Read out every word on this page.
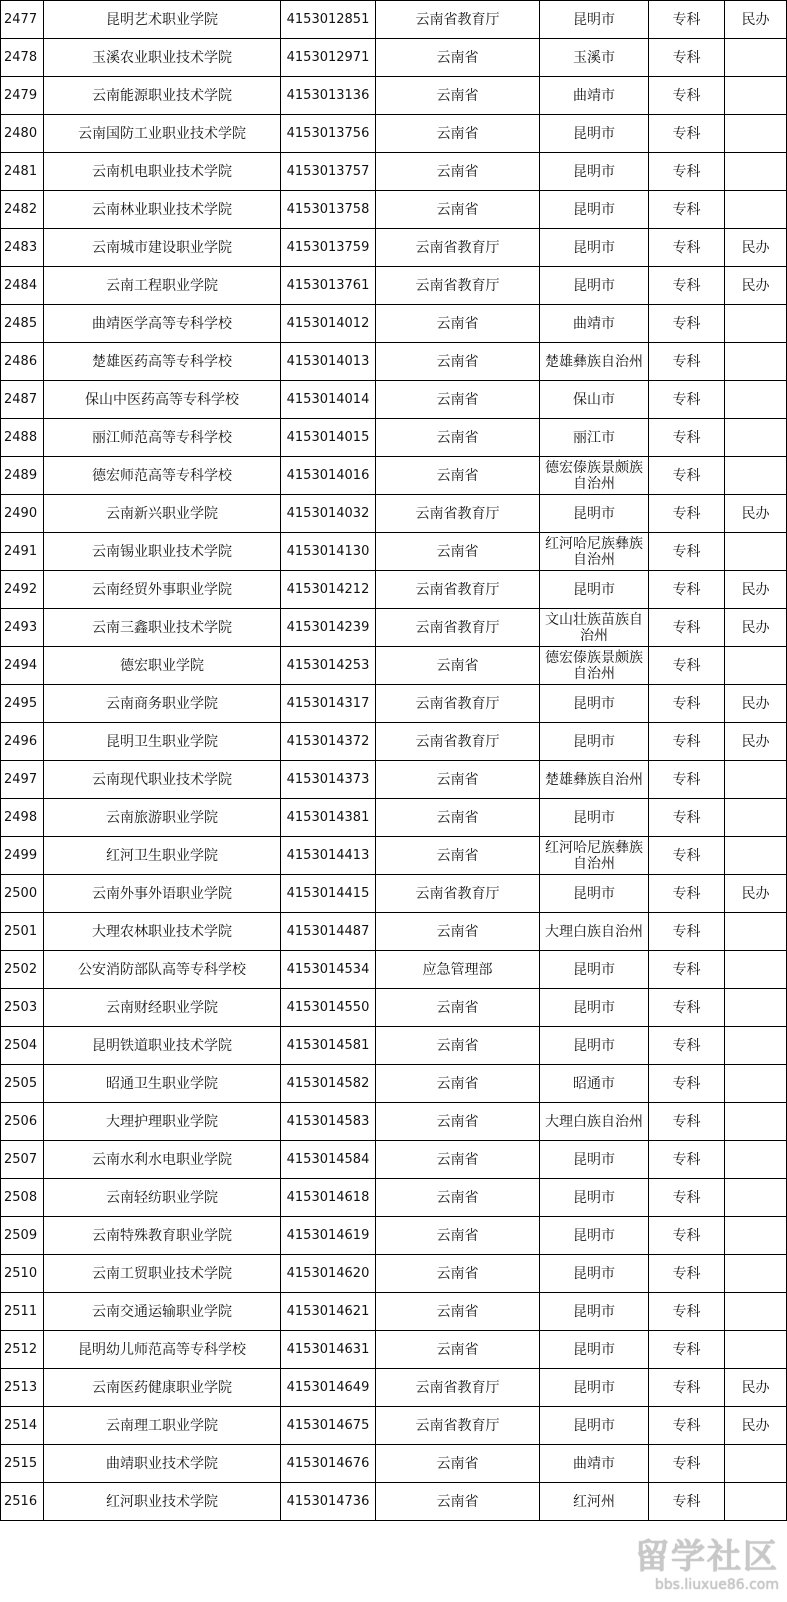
2477	昆明艺术职业学院	4153012851	云南省教育厅	昆明市	专科	民办
2478	玉溪农业职业技术学院	4153012971	云南省	玉溪市	专科	
2479	云南能源职业技术学院	4153013136	云南省	曲靖市	专科	
2480	云南国防工业职业技术学院	4153013756	云南省	昆明市	专科	
2481	云南机电职业技术学院	4153013757	云南省	昆明市	专科	
2482	云南林业职业技术学院	4153013758	云南省	昆明市	专科	
2483	云南城市建设职业学院	4153013759	云南省教育厅	昆明市	专科	民办
2484	云南工程职业学院	4153013761	云南省教育厅	昆明市	专科	民办
2485	曲靖医学高等专科学校	4153014012	云南省	曲靖市	专科	
2486	楚雄医药高等专科学校	4153014013	云南省	楚雄彝族自治州	专科	
2487	保山中医药高等专科学校	4153014014	云南省	保山市	专科	
2488	丽江师范高等专科学校	4153014015	云南省	丽江市	专科	
2489	德宏师范高等专科学校	4153014016	云南省	德宏傣族景颇族自治州	专科	
2490	云南新兴职业学院	4153014032	云南省教育厅	昆明市	专科	民办
2491	云南锡业职业技术学院	4153014130	云南省	红河哈尼族彝族自治州	专科	
2492	云南经贸外事职业学院	4153014212	云南省教育厅	昆明市	专科	民办
2493	云南三鑫职业技术学院	4153014239	云南省教育厅	文山壮族苗族自治州	专科	民办
2494	德宏职业学院	4153014253	云南省	德宏傣族景颇族自治州	专科	
2495	云南商务职业学院	4153014317	云南省教育厅	昆明市	专科	民办
2496	昆明卫生职业学院	4153014372	云南省教育厅	昆明市	专科	民办
2497	云南现代职业技术学院	4153014373	云南省	楚雄彝族自治州	专科	
2498	云南旅游职业学院	4153014381	云南省	昆明市	专科	
2499	红河卫生职业学院	4153014413	云南省	红河哈尼族彝族自治州	专科	
2500	云南外事外语职业学院	4153014415	云南省教育厅	昆明市	专科	民办
2501	大理农林职业技术学院	4153014487	云南省	大理白族自治州	专科	
2502	公安消防部队高等专科学校	4153014534	应急管理部	昆明市	专科	
2503	云南财经职业学院	4153014550	云南省	昆明市	专科	
2504	昆明铁道职业技术学院	4153014581	云南省	昆明市	专科	
2505	昭通卫生职业学院	4153014582	云南省	昭通市	专科	
2506	大理护理职业学院	4153014583	云南省	大理白族自治州	专科	
2507	云南水利水电职业学院	4153014584	云南省	昆明市	专科	
2508	云南轻纺职业学院	4153014618	云南省	昆明市	专科	
2509	云南特殊教育职业学院	4153014619	云南省	昆明市	专科	
2510	云南工贸职业技术学院	4153014620	云南省	昆明市	专科	
2511	云南交通运输职业学院	4153014621	云南省	昆明市	专科	
2512	昆明幼儿师范高等专科学校	4153014631	云南省	昆明市	专科	
2513	云南医药健康职业学院	4153014649	云南省教育厅	昆明市	专科	民办
2514	云南理工职业学院	4153014675	云南省教育厅	昆明市	专科	民办
2515	曲靖职业技术学院	4153014676	云南省	曲靖市	专科	
2516	红河职业技术学院	4153014736	云南省	红河州	专科	
留学社区
bbs.liuxue86.com
